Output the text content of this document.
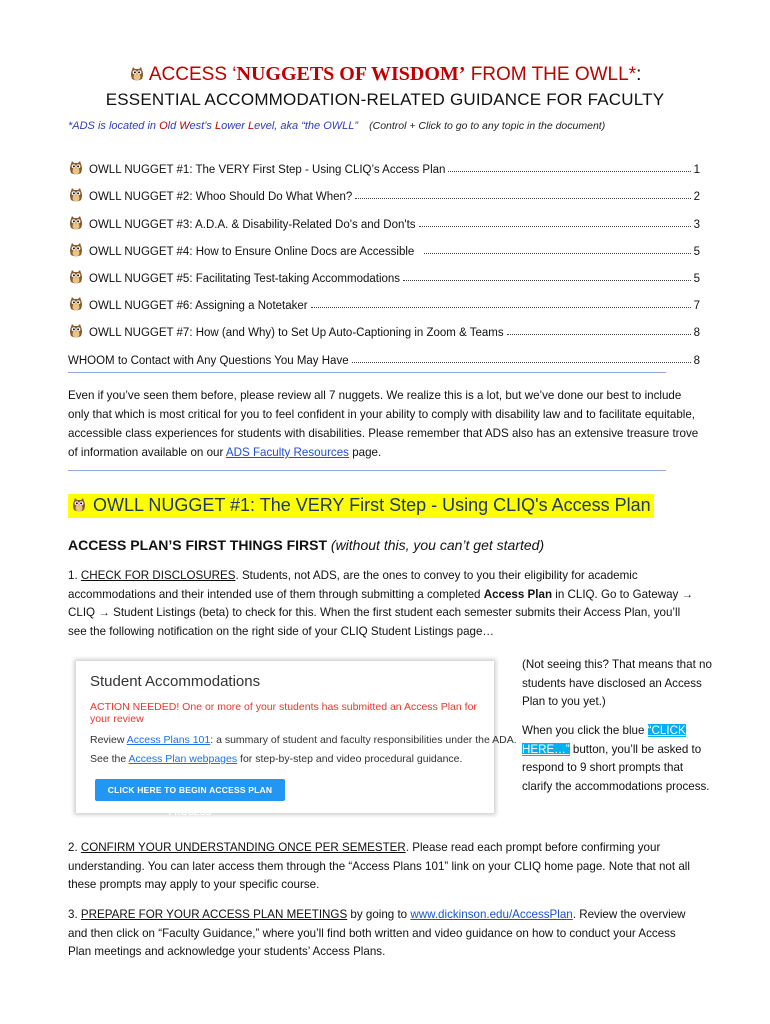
ACCESS ‘NUGGETS OF WISDOM’ FROM THE OWLL*:
ESSENTIAL ACCOMMODATION-RELATED GUIDANCE FOR FACULTY
*ADS is located in Old West’s Lower Level, aka “the OWLL” (Control + Click to go to any topic in the document)
OWLL NUGGET #1: The VERY First Step - Using CLIQ’s Access Plan	1
OWLL NUGGET #2: Whoo Should Do What When?	2
OWLL NUGGET #3: A.D.A. & Disability-Related Do's and Don'ts	3
OWLL NUGGET #4: How to Ensure Online Docs are Accessible	5
OWLL NUGGET #5: Facilitating Test-taking Accommodations	5
OWLL NUGGET #6: Assigning a Notetaker	7
OWLL NUGGET #7: How (and Why) to Set Up Auto-Captioning in Zoom & Teams	8
WHOOM to Contact with Any Questions You May Have	8
Even if you’ve seen them before, please review all 7 nuggets. We realize this is a lot, but we’ve done our best to include only that which is most critical for you to feel confident in your ability to comply with disability law and to facilitate equitable, accessible class experiences for students with disabilities. Please remember that ADS also has an extensive treasure trove of information available on our ADS Faculty Resources page.
OWLL NUGGET #1: The VERY First Step - Using CLIQ's Access Plan
ACCESS PLAN’S FIRST THINGS FIRST (without this, you can’t get started)
1. CHECK FOR DISCLOSURES. Students, not ADS, are the ones to convey to you their eligibility for academic accommodations and their intended use of them through submitting a completed Access Plan in CLIQ. Go to Gateway → CLIQ → Student Listings (beta) to check for this. When the first student each semester submits their Access Plan, you’ll see the following notification on the right side of your CLIQ Student Listings page…
Student Accommodations
ACTION NEEDED! One or more of your students has submitted an Access Plan for your review
Review Access Plans 101: a summary of student and faculty responsibilities under the ADA.
See the Access Plan webpages for step-by-step and video procedural guidance.
CLICK HERE TO BEGIN ACCESS PLAN PROCESS
(Not seeing this? That means that no students have disclosed an Access Plan to you yet.)
When you click the blue “CLICK HERE…” button, you’ll be asked to respond to 9 short prompts that clarify the accommodations process.
2. CONFIRM YOUR UNDERSTANDING ONCE PER SEMESTER. Please read each prompt before confirming your understanding. You can later access them through the “Access Plans 101” link on your CLIQ home page. Note that not all these prompts may apply to your specific course.
3. PREPARE FOR YOUR ACCESS PLAN MEETINGS by going to www.dickinson.edu/AccessPlan. Review the overview and then click on “Faculty Guidance,” where you’ll find both written and video guidance on how to conduct your Access Plan meetings and acknowledge your students’ Access Plans.
